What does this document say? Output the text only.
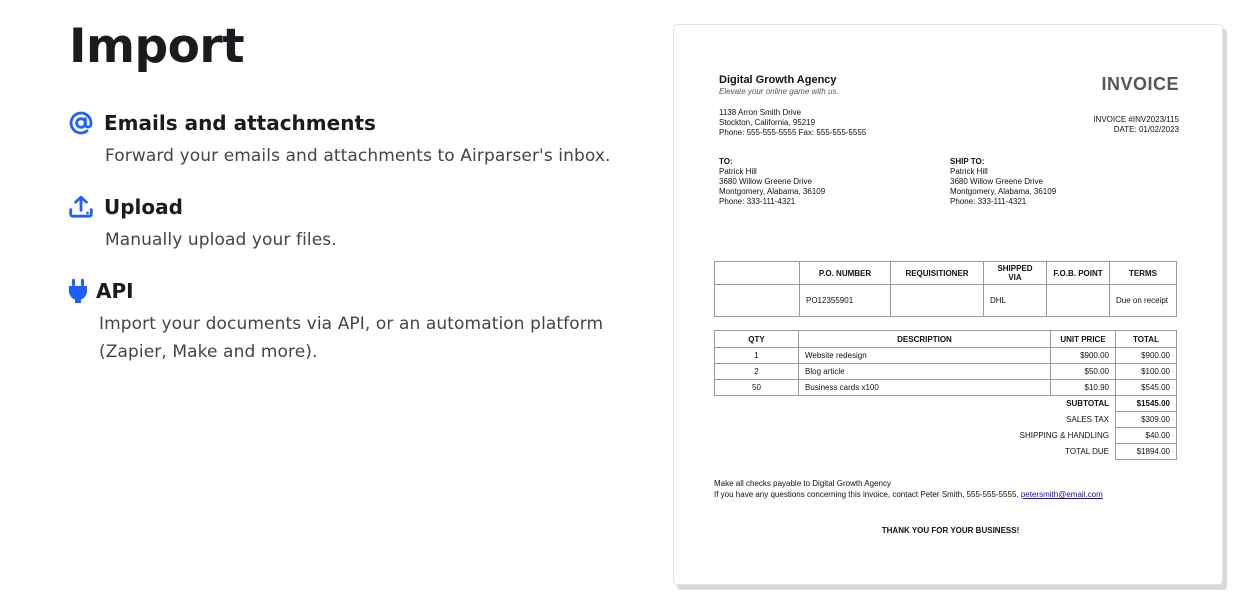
Import
Emails and attachments
Forward your emails and attachments to Airparser's inbox.
Upload
Manually upload your files.
API
Import your documents via API, or an automation platform (Zapier, Make and more).
Digital Growth Agency
Elevate your online game with us.
1138 Arron Smith Drive
Stockton, California, 95219
Phone: 555-555-5555 Fax: 555-555-5555
INVOICE
INVOICE #INV2023/115
DATE: 01/02/2023
TO:
Patrick Hill
3680 Willow Greene Drive
Montgomery, Alabama, 36109
Phone: 333-111-4321
SHIP TO:
Patrick Hill
3680 Willow Greene Drive
Montgomery, Alabama, 36109
Phone: 333-111-4321
	P.O. NUMBER	REQUISITIONER	SHIPPED VIA	F.O.B. POINT	TERMS
	PO12355901		DHL		Due on receipt
QTY	DESCRIPTION	UNIT PRICE	TOTAL
1	Website redesign	$900.00	$900.00
2	Blog article	$50.00	$100.00
50	Business cards x100	$10.90	$545.00
	SUBTOTAL		$1545.00
	SALES TAX		$309.00
	SHIPPING & HANDLING		$40.00
	TOTAL DUE		$1894.00
Make all checks payable to Digital Growth Agency
If you have any questions concerning this invoice, contact Peter Smith, 555-555-5555, petersmith@email.com
THANK YOU FOR YOUR BUSINESS!
